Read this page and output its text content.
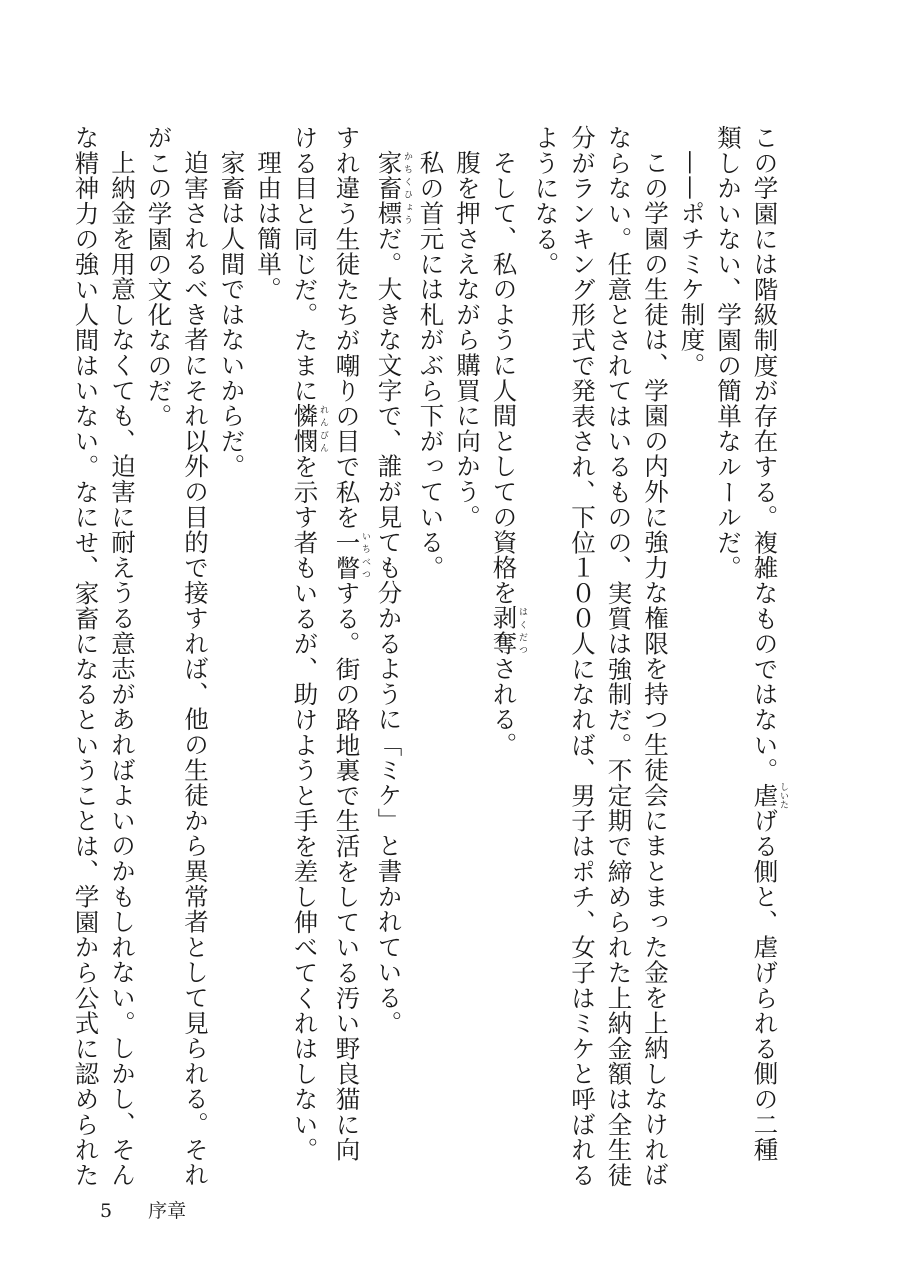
この学園には階級制度が存在する。複雑なものではない。虐しいたげる側と、虐げられる側の二種

類しかいない、学園の簡単なルールだ。

——ポチミケ制度。

この学園の生徒は、学園の内外に強力な権限を持つ生徒会にまとまった金を上納しなければ

ならない。任意とされてはいるものの、実質は強制だ。不定期で締められた上納金額は全生徒

分がランキング形式で発表され、下位１００人になれば、男子はポチ、女子はミケと呼ばれる

ようになる。

そして、私のように人間としての資格を剥奪はくだつされる。

腹を押さえながら購買に向かう。

私の首元には札がぶら下がっている。

家畜標かちくひょうだ。大きな文字で、誰が見ても分かるように「ミケ」と書かれている。

すれ違う生徒たちが嘲りの目で私を一瞥いちべつする。街の路地裏で生活をしている汚い野良猫に向

ける目と同じだ。たまに憐憫れんびんを示す者もいるが、助けようと手を差し伸べてくれはしない。

理由は簡単。

家畜は人間ではないからだ。

迫害されるべき者にそれ以外の目的で接すれば、他の生徒から異常者として見られる。それ

がこの学園の文化なのだ。

上納金を用意しなくても、迫害に耐えうる意志があればよいのかもしれない。しかし、そん

な精神力の強い人間はいない。なにせ、家畜になるということは、学園から公式に認められた

5 序章
